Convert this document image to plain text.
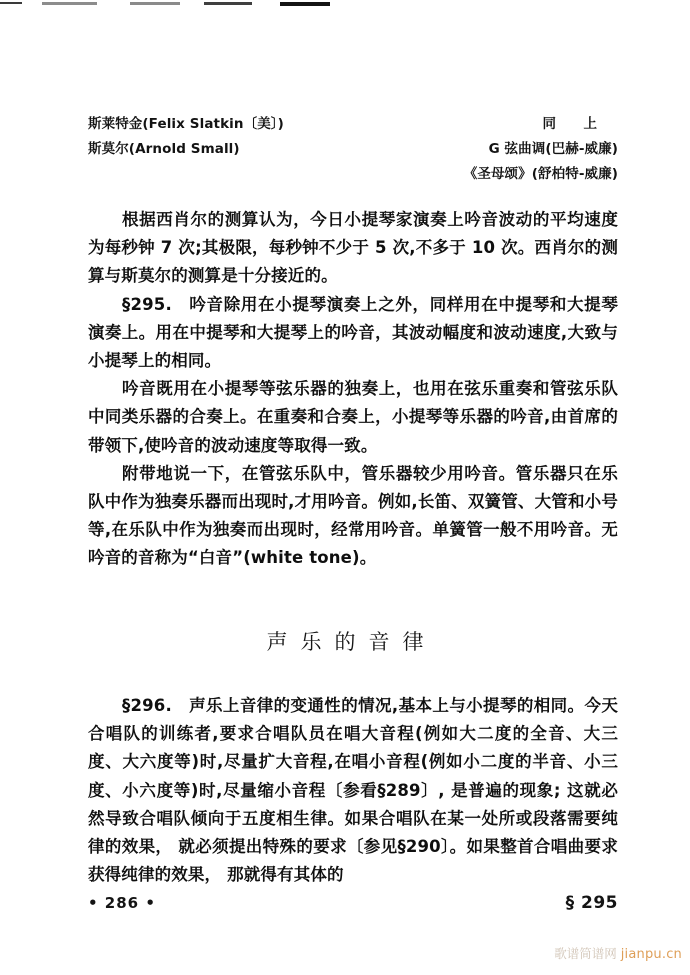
斯莱特金(Felix Slatkin〔美〕)	同　上
斯莫尔(Arnold Small)	G 弦曲调(巴赫-威廉)
《圣母颂》(舒柏特-威廉)

根据西肖尔的测算认为，今日小提琴家演奏上吟音波动的平均速度为每秒钟 7 次;其极限，每秒钟不少于 5 次,不多于 10 次。西肖尔的测算与斯莫尔的测算是十分接近的。

§295.  吟音除用在小提琴演奏上之外，同样用在中提琴和大提琴演奏上。用在中提琴和大提琴上的吟音，其波动幅度和波动速度,大致与小提琴上的相同。

吟音既用在小提琴等弦乐器的独奏上，也用在弦乐重奏和管弦乐队中同类乐器的合奏上。在重奏和合奏上，小提琴等乐器的吟音,由首席的带领下,使吟音的波动速度等取得一致。

附带地说一下，在管弦乐队中，管乐器较少用吟音。管乐器只在乐队中作为独奏乐器而出现时,才用吟音。例如,长笛、双簧管、大管和小号等,在乐队中作为独奏而出现时，经常用吟音。单簧管一般不用吟音。无吟音的音称为“白音”(white tone)。

声乐的音律

§296.  声乐上音律的变通性的情况,基本上与小提琴的相同。今天合唱队的训练者,要求合唱队员在唱大音程(例如大二度的全音、大三度、大六度等)时,尽量扩大音程,在唱小音程(例如小二度的半音、小三度、小六度等)时,尽量缩小音程〔参看§289〕, 是普遍的现象; 这就必然导致合唱队倾向于五度相生律。如果合唱队在某一处所或段落需要纯律的效果， 就必须提出特殊的要求〔参见§290〕。如果整首合唱曲要求获得纯律的效果， 那就得有其体的

• 286 •	§ 295
歌谱简谱网 jianpu.cn
